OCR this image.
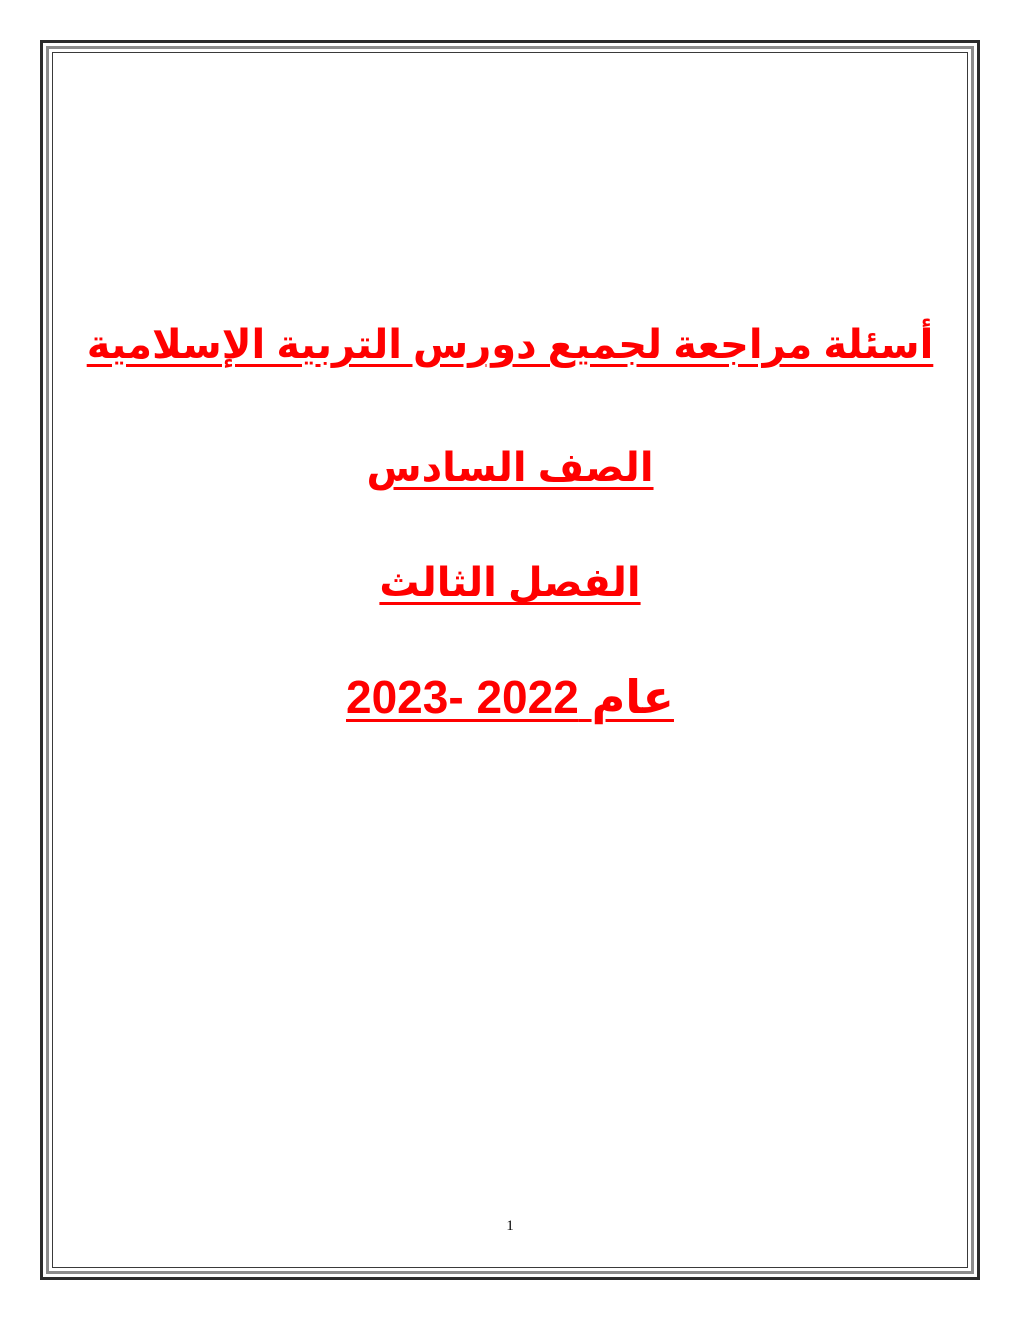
أسئلة مراجعة لجميع دورس التربية الإسلامية
الصف السادس
الفصل الثالث
عام 2023- 2022
1
